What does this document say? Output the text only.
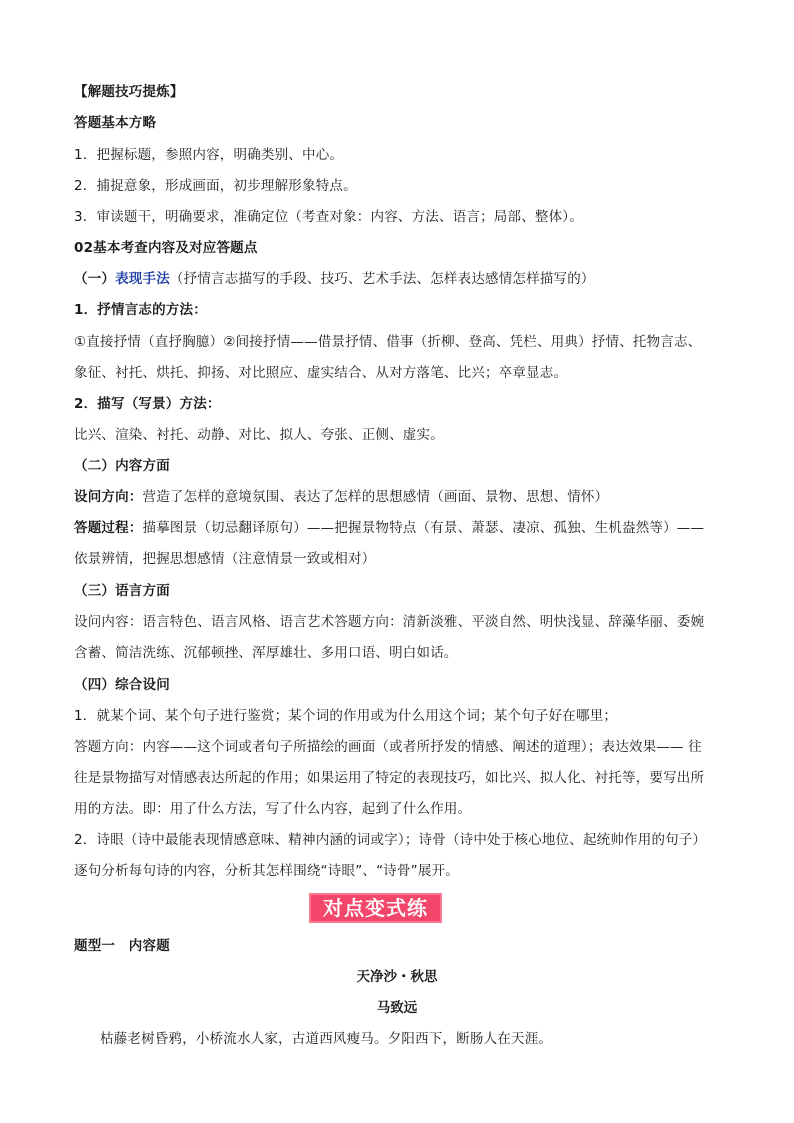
【解题技巧提炼】
答题基本方略
1．把握标题，参照内容，明确类别、中心。
2．捕捉意象，形成画面，初步理解形象特点。
3．审读题干，明确要求，准确定位（考查对象：内容、方法、语言；局部、整体）。
02基本考查内容及对应答题点
（一）表现手法（抒情言志描写的手段、技巧、艺术手法、怎样表达感情怎样描写的）
1．抒情言志的方法：
①直接抒情（直抒胸臆）②间接抒情——借景抒情、借事（折柳、登高、凭栏、用典）抒情、托物言志、
象征、衬托、烘托、抑扬、对比照应、虚实结合、从对方落笔、比兴；卒章显志。
2．描写（写景）方法：
比兴、渲染、衬托、动静、对比、拟人、夸张、正侧、虚实。
（二）内容方面
设问方向：营造了怎样的意境氛围、表达了怎样的思想感情（画面、景物、思想、情怀）
答题过程：描摹图景（切忌翻译原句）——把握景物特点（有景、萧瑟、凄凉、孤独、生机盎然等）——
依景辨情，把握思想感情（注意情景一致或相对）
（三）语言方面
设问内容：语言特色、语言风格、语言艺术答题方向：清新淡雅、平淡自然、明快浅显、辞藻华丽、委婉
含蓄、简洁洗练、沉郁顿挫、浑厚雄壮、多用口语、明白如话。
（四）综合设问
1．就某个词、某个句子进行鉴赏；某个词的作用或为什么用这个词；某个句子好在哪里；
答题方向：内容——这个词或者句子所描绘的画面（或者所抒发的情感、阐述的道理）；表达效果—— 往
往是景物描写对情感表达所起的作用；如果运用了特定的表现技巧，如比兴、拟人化、衬托等，要写出所
用的方法。即：用了什么方法，写了什么内容，起到了什么作用。
2．诗眼（诗中最能表现情感意味、精神内涵的词或字）；诗骨（诗中处于核心地位、起统帅作用的句子）
逐句分析每句诗的内容，分析其怎样围绕“诗眼”、“诗骨”展开。
对点变式练
题型一　内容题
天净沙・秋思
马致远
枯藤老树昏鸦，小桥流水人家，古道西风瘦马。夕阳西下，断肠人在天涯。
